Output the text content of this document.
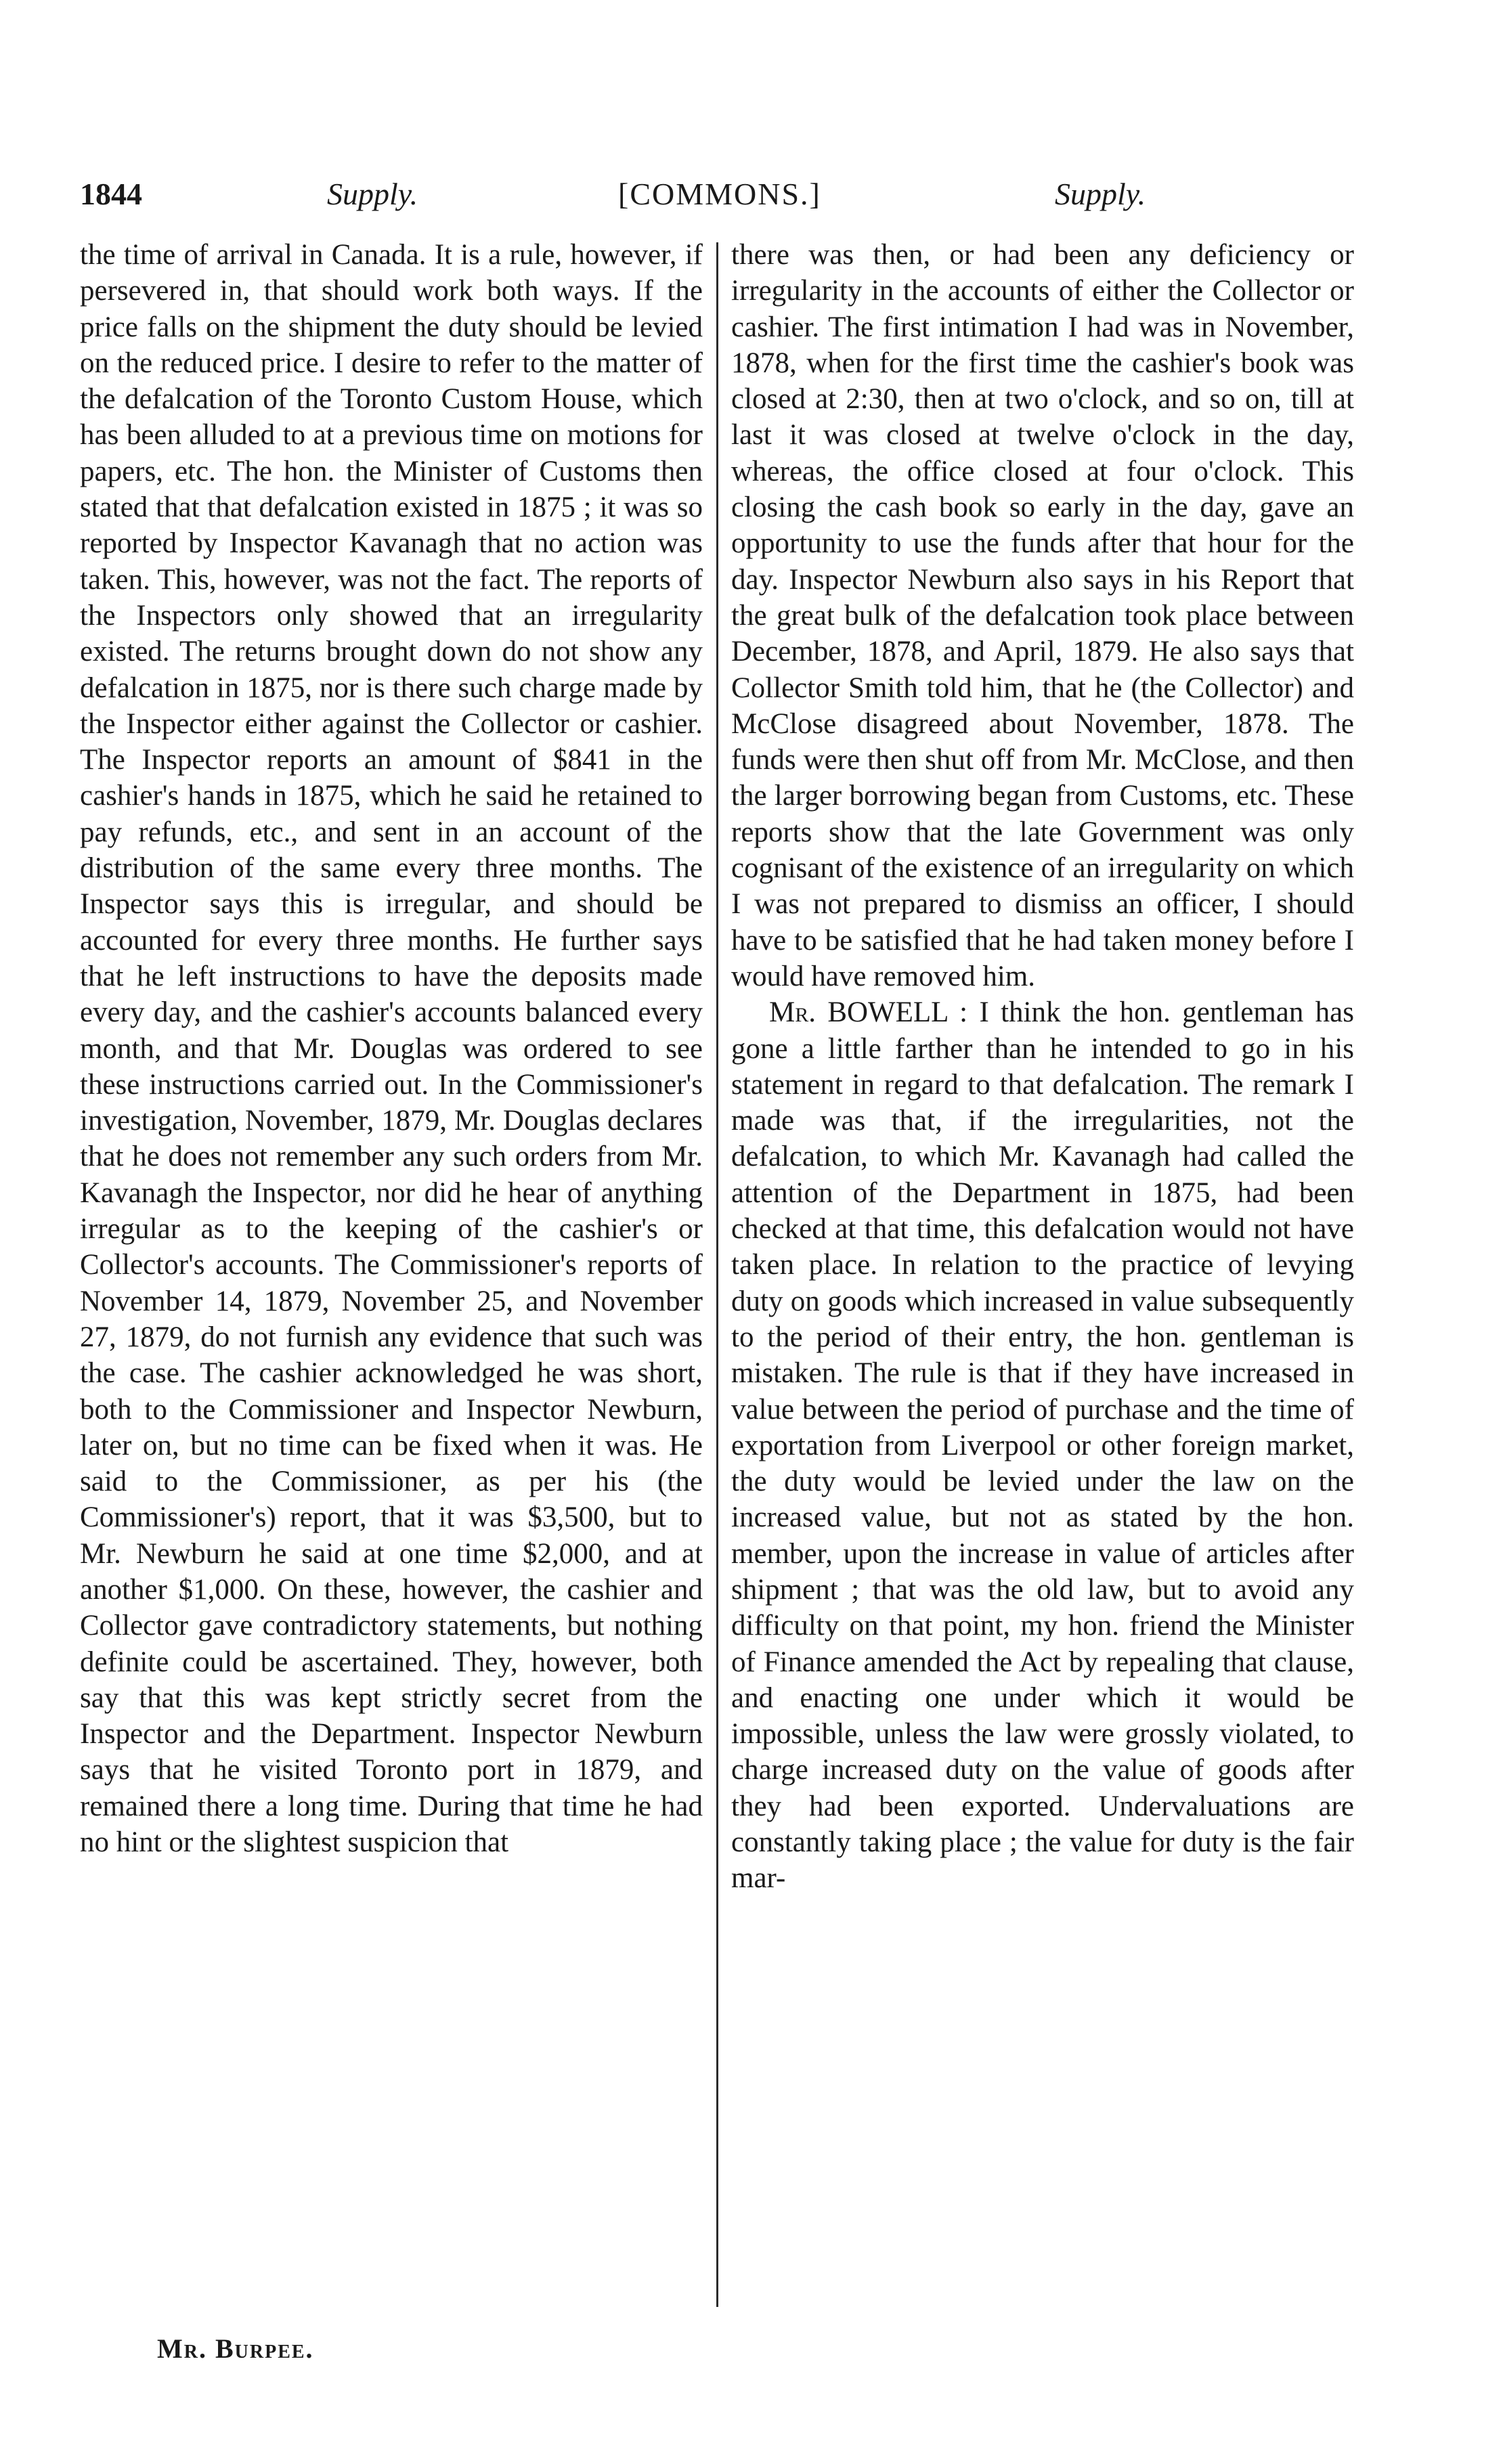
1844	Supply.	[COMMONS.]	Supply.

the time of arrival in Canada. It is a rule, however, if persevered in, that should work both ways. If the price falls on the shipment the duty should be levied on the reduced price. I desire to refer to the matter of the defalcation of the Toronto Custom House, which has been alluded to at a previous time on motions for papers, etc. The hon. the Minister of Customs then stated that that defalcation existed in 1875 ; it was so reported by Inspector Kavanagh that no action was taken. This, however, was not the fact. The reports of the Inspectors only showed that an irregularity existed. The returns brought down do not show any defalcation in 1875, nor is there such charge made by the Inspector either against the Collector or cashier. The Inspector reports an amount of $841 in the cashier's hands in 1875, which he said he retained to pay refunds, etc., and sent in an account of the distribution of the same every three months. The Inspector says this is irregular, and should be accounted for every three months. He further says that he left instructions to have the deposits made every day, and the cashier's accounts balanced every month, and that Mr. Douglas was ordered to see these instructions carried out. In the Commissioner's investigation, November, 1879, Mr. Douglas declares that he does not remember any such orders from Mr. Kavanagh the Inspector, nor did he hear of anything irregular as to the keeping of the cashier's or Collector's accounts. The Commissioner's reports of November 14, 1879, November 25, and November 27, 1879, do not furnish any evidence that such was the case. The cashier acknowledged he was short, both to the Commissioner and Inspector Newburn, later on, but no time can be fixed when it was. He said to the Commissioner, as per his (the Commissioner's) report, that it was $3,500, but to Mr. Newburn he said at one time $2,000, and at another $1,000. On these, however, the cashier and Collector gave contradictory statements, but nothing definite could be ascertained. They, however, both say that this was kept strictly secret from the Inspector and the Department. Inspector Newburn says that he visited Toronto port in 1879, and remained there a long time. During that time he had no hint or the slightest suspicion that

there was then, or had been any deficiency or irregularity in the accounts of either the Collector or cashier. The first intimation I had was in November, 1878, when for the first time the cashier's book was closed at 2:30, then at two o'clock, and so on, till at last it was closed at twelve o'clock in the day, whereas, the office closed at four o'clock. This closing the cash book so early in the day, gave an opportunity to use the funds after that hour for the day. Inspector Newburn also says in his Report that the great bulk of the defalcation took place between December, 1878, and April, 1879. He also says that Collector Smith told him, that he (the Collector) and McClose disagreed about November, 1878. The funds were then shut off from Mr. McClose, and then the larger borrowing began from Customs, etc. These reports show that the late Government was only cognisant of the existence of an irregularity on which I was not prepared to dismiss an officer, I should have to be satisfied that he had taken money before I would have removed him.

Mr. BOWELL : I think the hon. gentleman has gone a little farther than he intended to go in his statement in regard to that defalcation. The remark I made was that, if the irregularities, not the defalcation, to which Mr. Kavanagh had called the attention of the Department in 1875, had been checked at that time, this defalcation would not have taken place. In relation to the practice of levying duty on goods which increased in value subsequently to the period of their entry, the hon. gentleman is mistaken. The rule is that if they have increased in value between the period of purchase and the time of exportation from Liverpool or other foreign market, the duty would be levied under the law on the increased value, but not as stated by the hon. member, upon the increase in value of articles after shipment ; that was the old law, but to avoid any difficulty on that point, my hon. friend the Minister of Finance amended the Act by repealing that clause, and enacting one under which it would be impossible, unless the law were grossly violated, to charge increased duty on the value of goods after they had been exported. Undervaluations are constantly taking place ; the value for duty is the fair mar-

Mr. Burpee.
